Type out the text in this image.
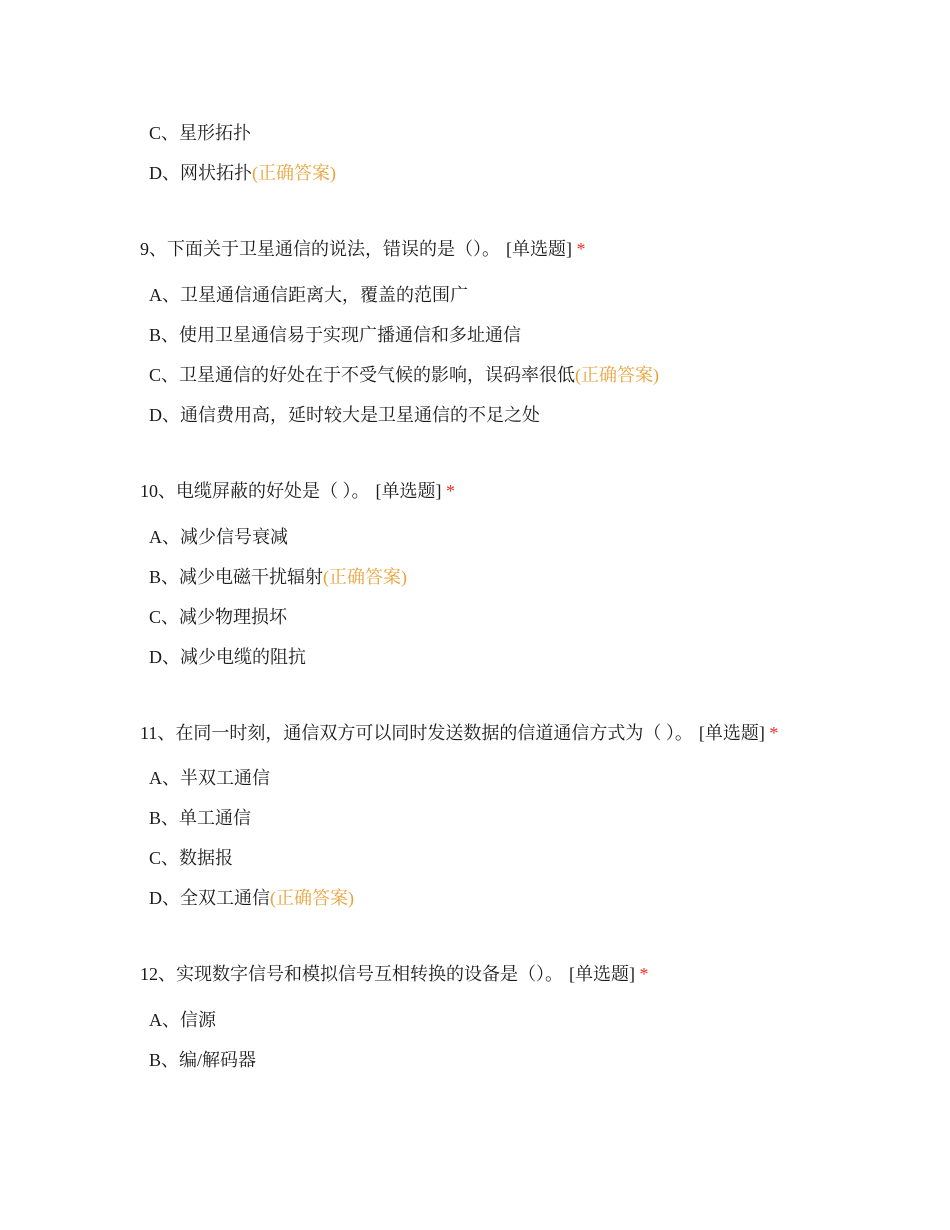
C、星形拓扑
D、网状拓扑(正确答案)
9、下面关于卫星通信的说法，错误的是（）。 [单选题] *
A、卫星通信通信距离大，覆盖的范围广
B、使用卫星通信易于实现广播通信和多址通信
C、卫星通信的好处在于不受气候的影响，误码率很低(正确答案)
D、通信费用高，延时较大是卫星通信的不足之处
10、电缆屏蔽的好处是（ ）。 [单选题] *
A、减少信号衰减
B、减少电磁干扰辐射(正确答案)
C、减少物理损坏
D、减少电缆的阻抗
11、在同一时刻，通信双方可以同时发送数据的信道通信方式为（ ）。 [单选题] *
A、半双工通信
B、单工通信
C、数据报
D、全双工通信(正确答案)
12、实现数字信号和模拟信号互相转换的设备是（）。 [单选题] *
A、信源
B、编/解码器
